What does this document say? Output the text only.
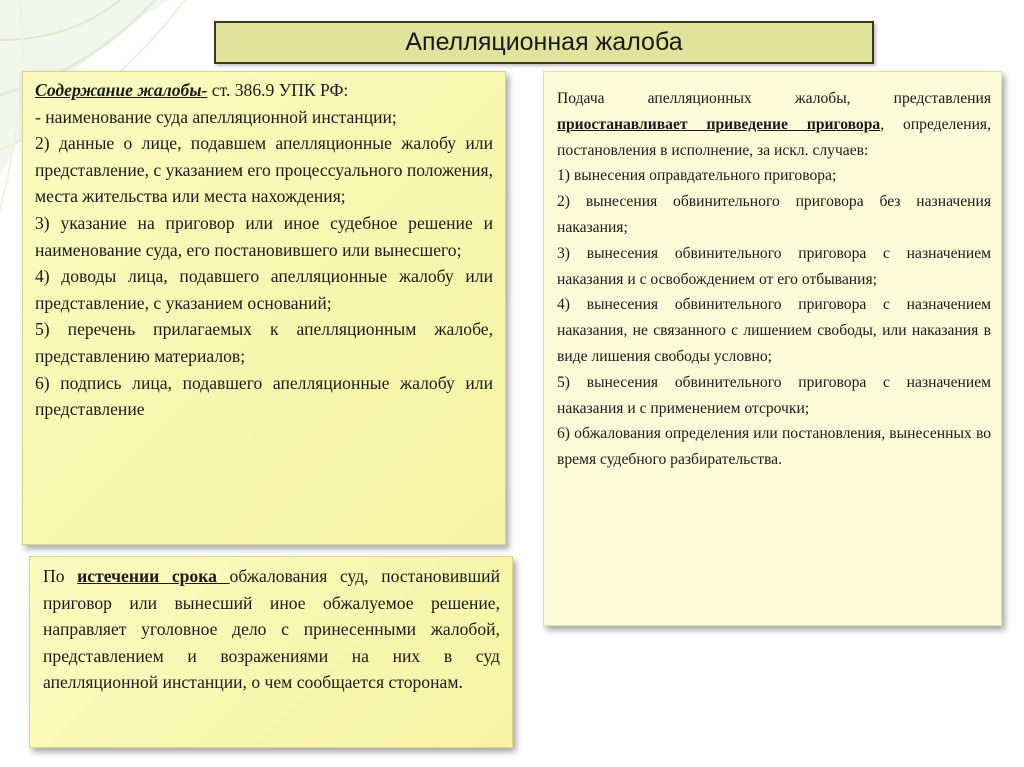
Апелляционная жалоба

Содержание жалобы- ст. 386.9 УПК РФ:

- наименование суда апелляционной инстанции;

2) данные о лице, подавшем апелляционные жалобу или представление, с указанием его процессуального положения, места жительства или места нахождения;

3) указание на приговор или иное судебное решение и наименование суда, его постановившего или вынесшего;

4) доводы лица, подавшего апелляционные жалобу или представление, с указанием оснований;

5) перечень прилагаемых к апелляционным жалобе, представлению материалов;

6) подпись лица, подавшего апелляционные жалобу или представление

По истечении срока обжалования суд, постановивший приговор или вынесший иное обжалуемое решение, направляет уголовное дело с принесенными жалобой, представлением и возражениями на них в суд апелляционной инстанции, о чем сообщается сторонам.

Подача апелляционных жалобы, представления приостанавливает приведение приговора, определения, постановления в исполнение, за искл. случаев:

1) вынесения оправдательного приговора;

2) вынесения обвинительного приговора без назначения наказания;

3) вынесения обвинительного приговора с назначением наказания и с освобождением от его отбывания;

4) вынесения обвинительного приговора с назначением наказания, не связанного с лишением свободы, или наказания в виде лишения свободы условно;

5) вынесения обвинительного приговора с назначением наказания и с применением отсрочки;

6) обжалования определения или постановления, вынесенных во время судебного разбирательства.
